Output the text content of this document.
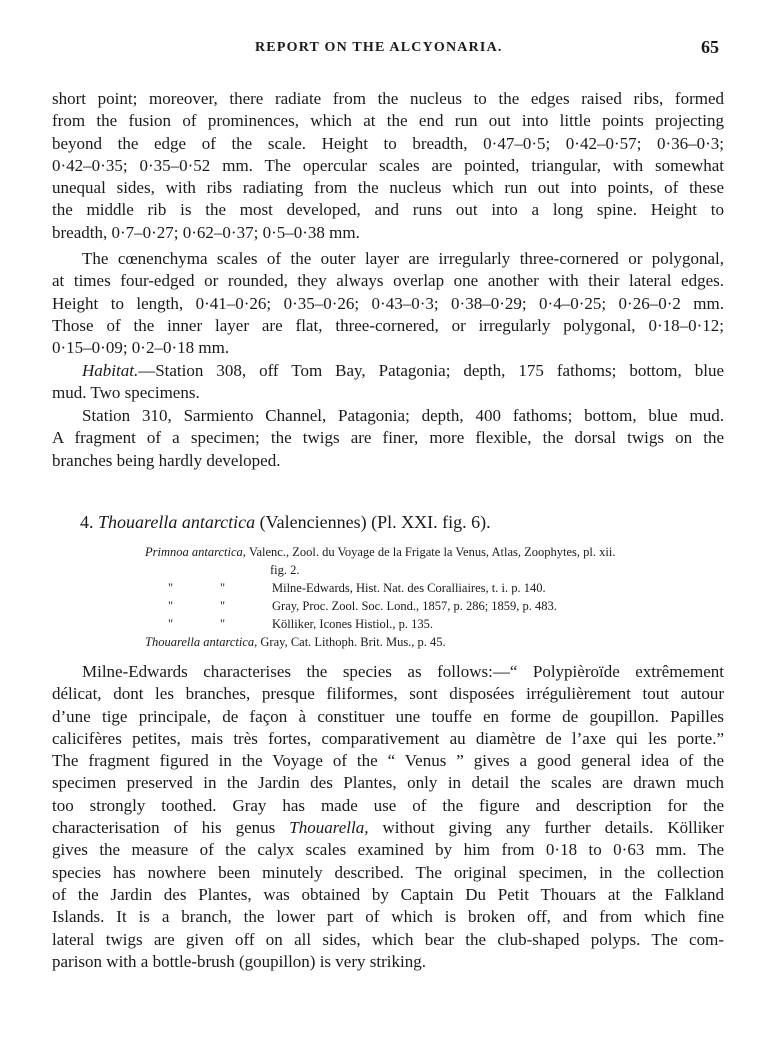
REPORT ON THE ALCYONARIA.	65
short point; moreover, there radiate from the nucleus to the edges raised ribs, formed
from the fusion of prominences, which at the end run out into little points projecting
beyond the edge of the scale. Height to breadth, 0·47–0·5; 0·42–0·57; 0·36–0·3;
0·42–0·35; 0·35–0·52 mm. The opercular scales are pointed, triangular, with somewhat
unequal sides, with ribs radiating from the nucleus which run out into points, of these
the middle rib is the most developed, and runs out into a long spine. Height to
breadth, 0·7–0·27; 0·62–0·37; 0·5–0·38 mm.
The cœnenchyma scales of the outer layer are irregularly three-cornered or polygonal,
at times four-edged or rounded, they always overlap one another with their lateral edges.
Height to length, 0·41–0·26; 0·35–0·26; 0·43–0·3; 0·38–0·29; 0·4–0·25; 0·26–0·2 mm.
Those of the inner layer are flat, three-cornered, or irregularly polygonal, 0·18–0·12;
0·15–0·09; 0·2–0·18 mm.
Habitat.—Station 308, off Tom Bay, Patagonia; depth, 175 fathoms; bottom, blue
mud. Two specimens.
Station 310, Sarmiento Channel, Patagonia; depth, 400 fathoms; bottom, blue mud.
A fragment of a specimen; the twigs are finer, more flexible, the dorsal twigs on the
branches being hardly developed.
4. Thouarella antarctica (Valenciennes) (Pl. XXI. fig. 6).
Primnoa antarctica, Valenc., Zool. du Voyage de la Frigate la Venus, Atlas, Zoophytes, pl. xii.
fig. 2.
"	"	Milne-Edwards, Hist. Nat. des Coralliaires, t. i. p. 140.
"	"	Gray, Proc. Zool. Soc. Lond., 1857, p. 286; 1859, p. 483.
"	"	Kölliker, Icones Histiol., p. 135.
Thouarella antarctica, Gray, Cat. Lithoph. Brit. Mus., p. 45.
Milne-Edwards characterises the species as follows:—“ Polypièroïde extrêmement
délicat, dont les branches, presque filiformes, sont disposées irrégulièrement tout autour
d’une tige principale, de façon à constituer une touffe en forme de goupillon. Papilles
calicifères petites, mais très fortes, comparativement au diamètre de l’axe qui les porte.”
The fragment figured in the Voyage of the “ Venus ” gives a good general idea of the
specimen preserved in the Jardin des Plantes, only in detail the scales are drawn much
too strongly toothed. Gray has made use of the figure and description for the
characterisation of his genus Thouarella, without giving any further details. Kölliker
gives the measure of the calyx scales examined by him from 0·18 to 0·63 mm. The
species has nowhere been minutely described. The original specimen, in the collection
of the Jardin des Plantes, was obtained by Captain Du Petit Thouars at the Falkland
Islands. It is a branch, the lower part of which is broken off, and from which fine
lateral twigs are given off on all sides, which bear the club-shaped polyps. The com-
parison with a bottle-brush (goupillon) is very striking.
